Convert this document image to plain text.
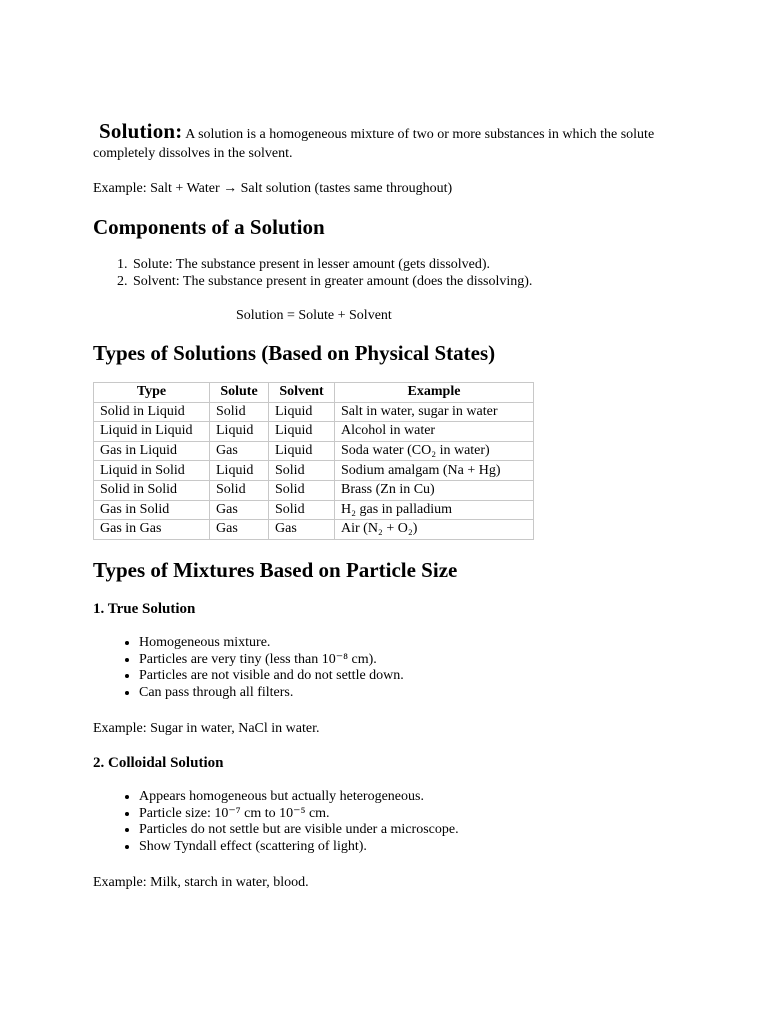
Solution: A solution is a homogeneous mixture of two or more substances in which the solute completely dissolves in the solvent.

Example: Salt + Water → Salt solution (tastes same throughout)

Components of a Solution
1. Solute: The substance present in lesser amount (gets dissolved).
2. Solvent: The substance present in greater amount (does the dissolving).

Solution = Solute + Solvent

Types of Solutions (Based on Physical States)
Type	Solute	Solvent	Example
Solid in Liquid	Solid	Liquid	Salt in water, sugar in water
Liquid in Liquid	Liquid	Liquid	Alcohol in water
Gas in Liquid	Gas	Liquid	Soda water (CO₂ in water)
Liquid in Solid	Liquid	Solid	Sodium amalgam (Na + Hg)
Solid in Solid	Solid	Solid	Brass (Zn in Cu)
Gas in Solid	Gas	Solid	H₂ gas in palladium
Gas in Gas	Gas	Gas	Air (N₂ + O₂)
Types of Mixtures Based on Particle Size
1. True Solution
• Homogeneous mixture.
• Particles are very tiny (less than 10⁻⁸ cm).
• Particles are not visible and do not settle down.
• Can pass through all filters.

Example: Sugar in water, NaCl in water.

2. Colloidal Solution
• Appears homogeneous but actually heterogeneous.
• Particle size: 10⁻⁷ cm to 10⁻⁵ cm.
• Particles do not settle but are visible under a microscope.
• Show Tyndall effect (scattering of light).

Example: Milk, starch in water, blood.
